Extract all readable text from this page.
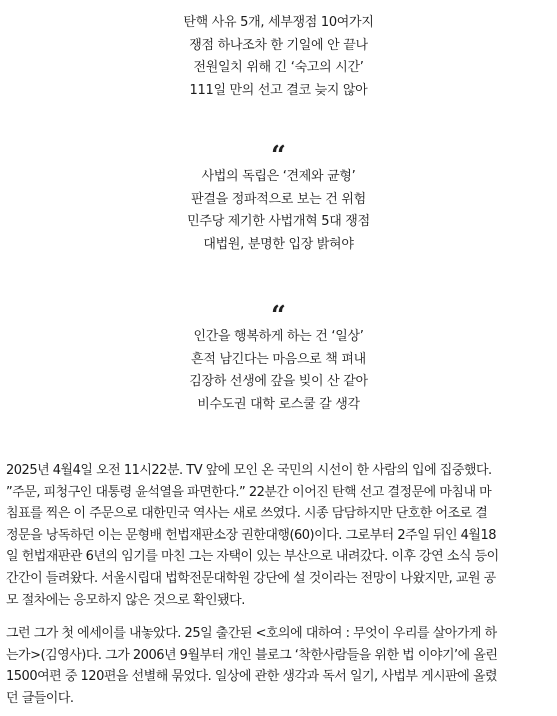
탄핵 사유 5개, 세부쟁점 10여가지
쟁점 하나조차 한 기일에 안 끝나
전원일치 위해 긴 ‘숙고의 시간’
111일 만의 선고 결코 늦지 않아
“
사법의 독립은 ‘견제와 균형’
판결을 정파적으로 보는 건 위험
민주당 제기한 사법개혁 5대 쟁점
대법원, 분명한 입장 밝혀야
“
인간을 행복하게 하는 건 ‘일상’
흔적 남긴다는 마음으로 책 펴내
김장하 선생에 갚을 빚이 산 같아
비수도권 대학 로스쿨 갈 생각
2025년 4월4일 오전 11시22분. TV 앞에 모인 온 국민의 시선이 한 사람의 입에 집중했다.
”주문, 피청구인 대통령 윤석열을 파면한다.” 22분간 이어진 탄핵 선고 결정문에 마침내 마
침표를 찍은 이 주문으로 대한민국 역사는 새로 쓰였다. 시종 담담하지만 단호한 어조로 결
정문을 낭독하던 이는 문형배 헌법재판소장 권한대행(60)이다. 그로부터 2주일 뒤인 4월18
일 헌법재판관 6년의 임기를 마친 그는 자택이 있는 부산으로 내려갔다. 이후 강연 소식 등이
간간이 들려왔다. 서울시립대 법학전문대학원 강단에 설 것이라는 전망이 나왔지만, 교원 공
모 절차에는 응모하지 않은 것으로 확인됐다.
그런 그가 첫 에세이를 내놓았다. 25일 출간된 <호의에 대하여 : 무엇이 우리를 살아가게 하
는가>(김영사)다. 그가 2006년 9월부터 개인 블로그 ‘착한사람들을 위한 법 이야기’에 올린
1500여편 중 120편을 선별해 묶었다. 일상에 관한 생각과 독서 일기, 사법부 게시판에 올렸
던 글들이다.
